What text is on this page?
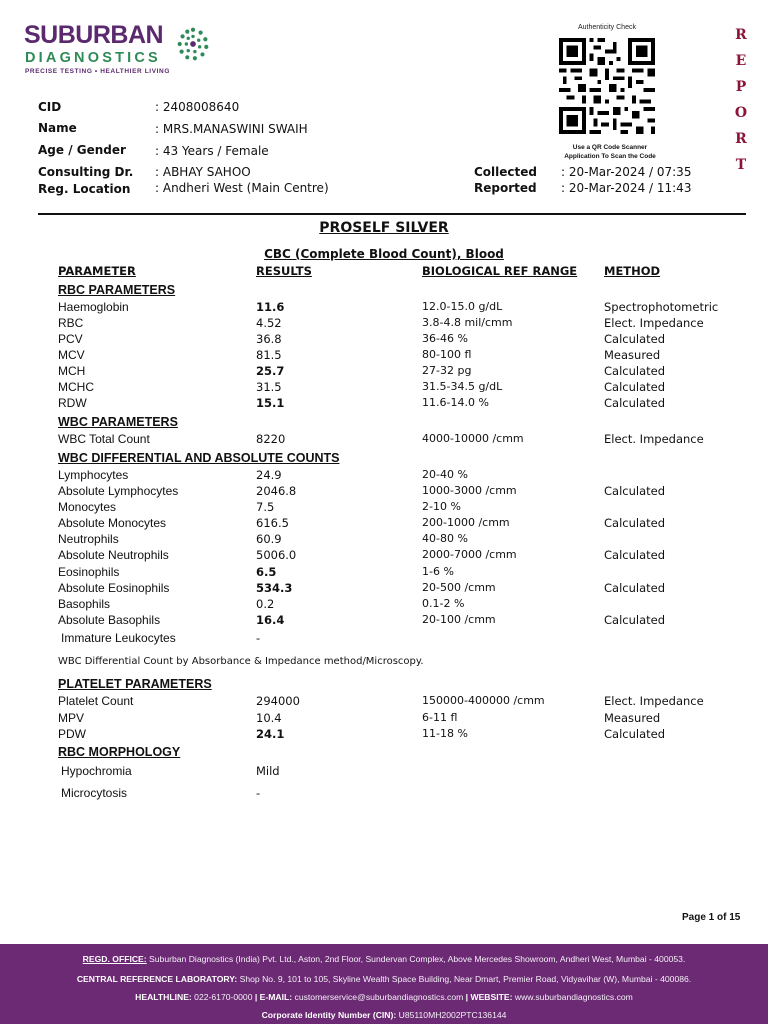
SUBURBAN
DIAGNOSTICS
PRECISE TESTING • HEALTHIER LIVING
Authenticity Check
Use a QR Code Scanner
Application To Scan the Code
R
E
P
O
R
T
CID	: 2408008640
Name	: MRS.MANASWINI SWAIH
Age / Gender : 43 Years / Female
Consulting Dr. : ABHAY SAHOO
Reg. Location : Andheri West (Main Centre)
Collected : 20-Mar-2024 / 07:35
Reported : 20-Mar-2024 / 11:43
PROSELF SILVER
CBC (Complete Blood Count), Blood
PARAMETER	RESULTS	BIOLOGICAL REF RANGE METHOD
RBC PARAMETERS
Haemoglobin	11.6	12.0-15.0 g/dL	Spectrophotometric
RBC	4.52	3.8-4.8 mil/cmm	Elect. Impedance
PCV	36.8	36-46 %	Calculated
MCV	81.5	80-100 fl	Measured
MCH	25.7	27-32 pg	Calculated
MCHC	31.5	31.5-34.5 g/dL	Calculated
RDW	15.1	11.6-14.0 %	Calculated
WBC PARAMETERS
WBC Total Count	8220	4000-10000 /cmm	Elect. Impedance
WBC DIFFERENTIAL AND ABSOLUTE COUNTS
Lymphocytes	24.9	20-40 %
Absolute Lymphocytes	2046.8	1000-3000 /cmm	Calculated
Monocytes	7.5	2-10 %
Absolute Monocytes	616.5	200-1000 /cmm	Calculated
Neutrophils	60.9	40-80 %
Absolute Neutrophils	5006.0	2000-7000 /cmm	Calculated
Eosinophils	6.5	1-6 %
Absolute Eosinophils	534.3	20-500 /cmm	Calculated
Basophils	0.2	0.1-2 %
Absolute Basophils	16.4	20-100 /cmm	Calculated
Immature Leukocytes	-
WBC Differential Count by Absorbance & Impedance method/Microscopy.
PLATELET PARAMETERS
Platelet Count	294000	150000-400000 /cmm	Elect. Impedance
MPV	10.4	6-11 fl	Measured
PDW	24.1	11-18 %	Calculated
RBC MORPHOLOGY
Hypochromia	Mild
Microcytosis	-
Page 1 of 15
REGD. OFFICE: Suburban Diagnostics (India) Pvt. Ltd., Aston, 2nd Floor, Sundervan Complex, Above Mercedes Showroom, Andheri West, Mumbai - 400053.
CENTRAL REFERENCE LABORATORY: Shop No. 9, 101 to 105, Skyline Wealth Space Building, Near Dmart, Premier Road, Vidyavihar (W), Mumbai - 400086.
HEALTHLINE: 022-6170-0000 | E-MAIL: customerservice@suburbandiagnostics.com | WEBSITE: www.suburbandiagnostics.com
Corporate Identity Number (CIN): U85110MH2002PTC136144
